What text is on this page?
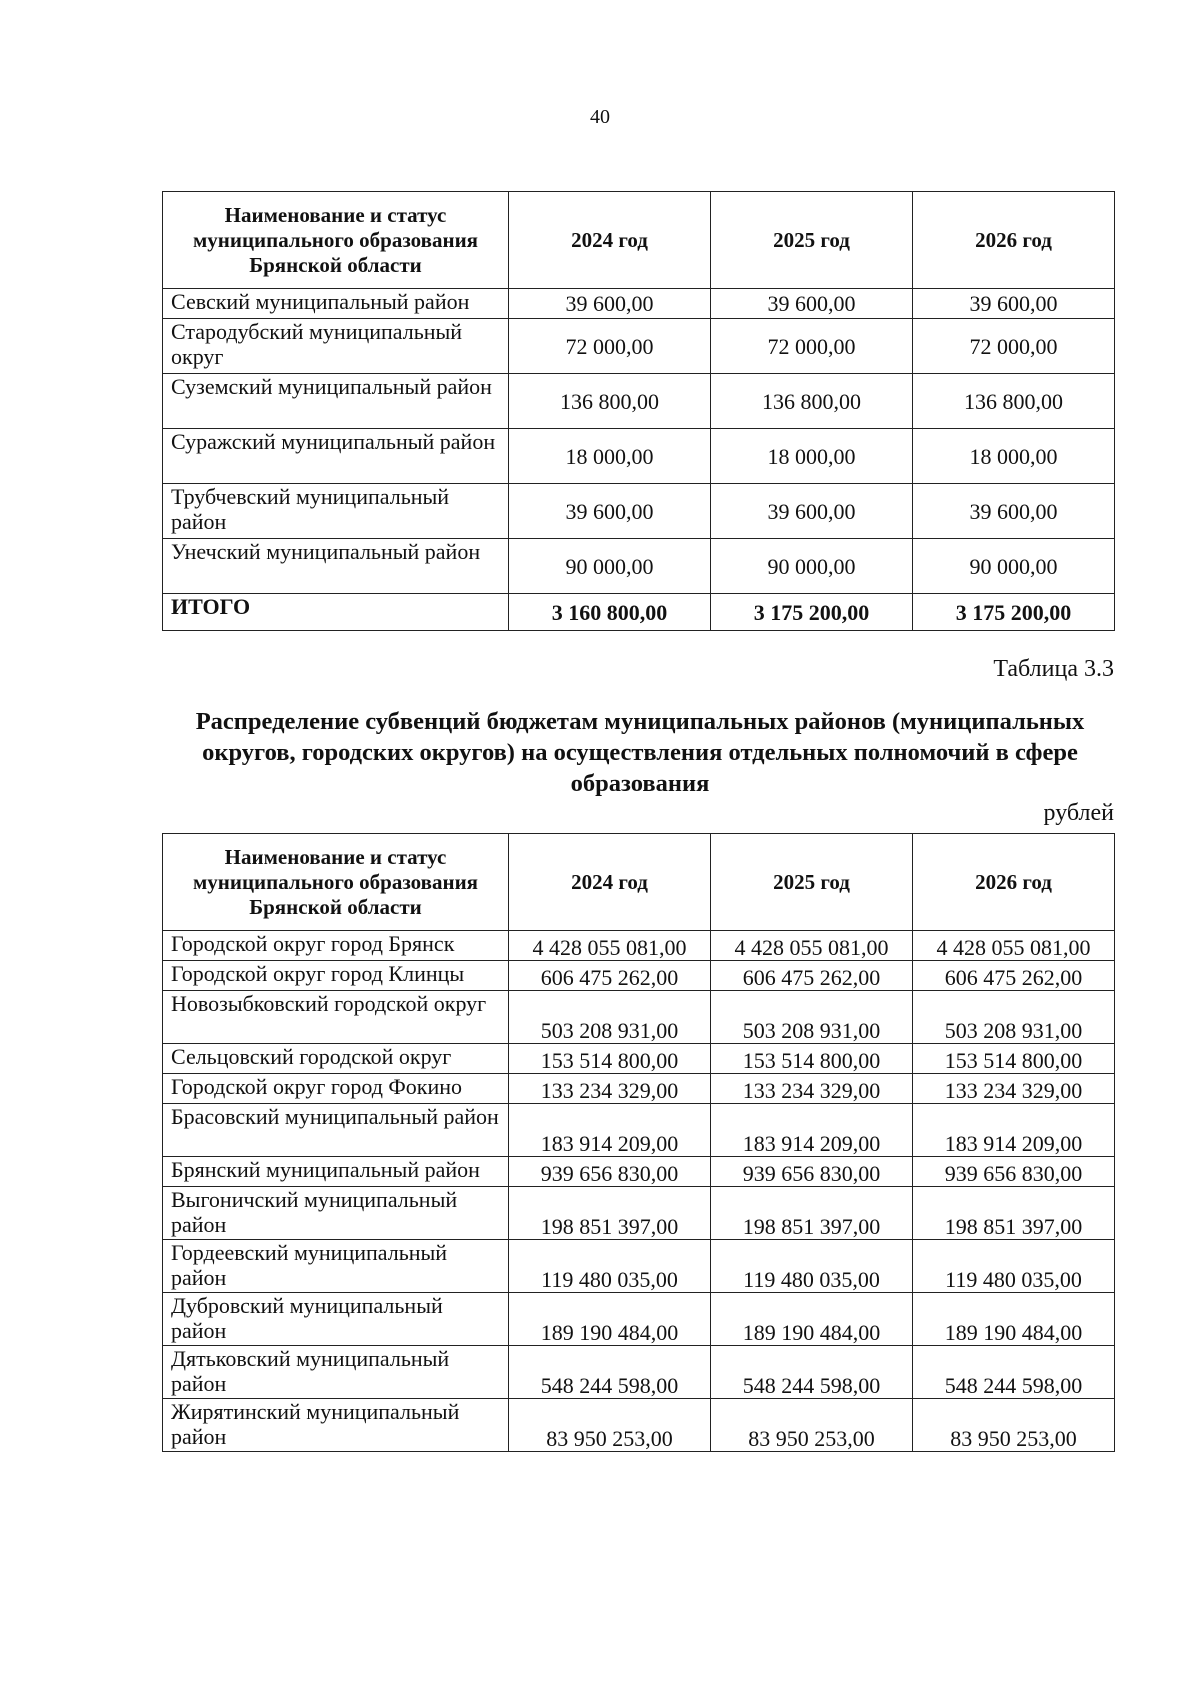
40
Наименование и статус муниципального образования Брянской области	2024 год	2025 год	2026 год
Севский муниципальный район	39 600,00	39 600,00	39 600,00
Стародубский муниципальный округ	72 000,00	72 000,00	72 000,00
Суземский муниципальный район	136 800,00	136 800,00	136 800,00
Суражский муниципальный район	18 000,00	18 000,00	18 000,00
Трубчевский муниципальный район	39 600,00	39 600,00	39 600,00
Унечский муниципальный район	90 000,00	90 000,00	90 000,00
ИТОГО	3 160 800,00	3 175 200,00	3 175 200,00
Таблица 3.3
Распределение субвенций бюджетам муниципальных районов (муниципальных округов, городских округов) на осуществления отдельных полномочий в сфере образования
рублей
Наименование и статус муниципального образования Брянской области	2024 год	2025 год	2026 год
Городской округ город Брянск	4 428 055 081,00	4 428 055 081,00	4 428 055 081,00
Городской округ город Клинцы	606 475 262,00	606 475 262,00	606 475 262,00
Новозыбковский городской округ	503 208 931,00	503 208 931,00	503 208 931,00
Сельцовский городской округ	153 514 800,00	153 514 800,00	153 514 800,00
Городской округ город Фокино	133 234 329,00	133 234 329,00	133 234 329,00
Брасовский муниципальный район	183 914 209,00	183 914 209,00	183 914 209,00
Брянский муниципальный район	939 656 830,00	939 656 830,00	939 656 830,00
Выгоничский муниципальный район	198 851 397,00	198 851 397,00	198 851 397,00
Гордеевский муниципальный район	119 480 035,00	119 480 035,00	119 480 035,00
Дубровский муниципальный район	189 190 484,00	189 190 484,00	189 190 484,00
Дятьковский муниципальный район	548 244 598,00	548 244 598,00	548 244 598,00
Жирятинский муниципальный район	83 950 253,00	83 950 253,00	83 950 253,00
